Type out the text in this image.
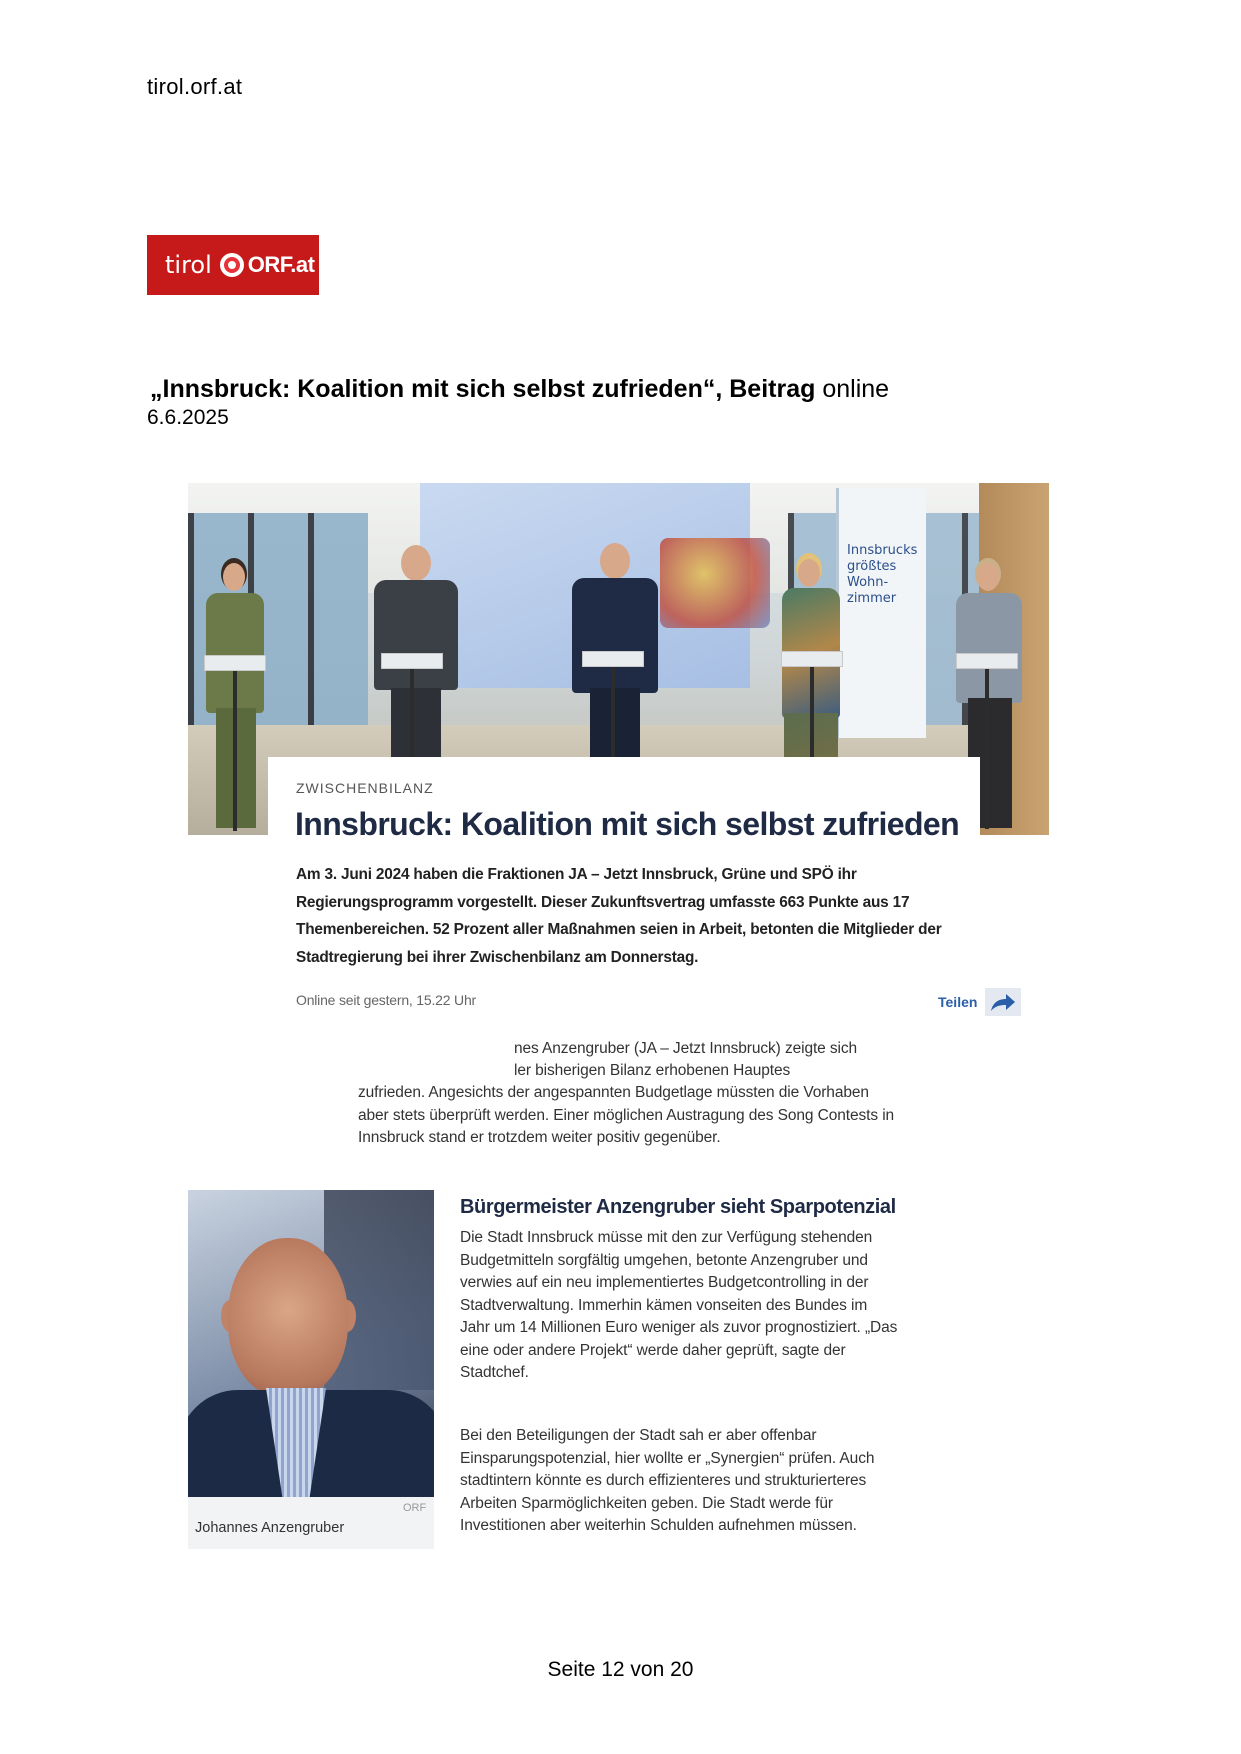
tirol.orf.at
tirol ORF.at
„Innsbruck: Koalition mit sich selbst zufrieden“, Beitrag online
6.6.2025
Innsbrucks größtes Wohn-zimmer
ZWISCHENBILANZ
Innsbruck: Koalition mit sich selbst zufrieden
Am 3. Juni 2024 haben die Fraktionen JA – Jetzt Innsbruck, Grüne und SPÖ ihr Regierungsprogramm vorgestellt. Dieser Zukunftsvertrag umfasste 663 Punkte aus 17 Themenbereichen. 52 Prozent aller Maßnahmen seien in Arbeit, betonten die Mitglieder der Stadtregierung bei ihrer Zwischenbilanz am Donnerstag.
Online seit gestern, 15.22 Uhr	Teilen
nes Anzengruber (JA – Jetzt Innsbruck) zeigte sich
ler bisherigen Bilanz erhobenen Hauptes
zufrieden. Angesichts der angespannten Budgetlage müssten die Vorhaben aber stets überprüft werden. Einer möglichen Austragung des Song Contests in Innsbruck stand er trotzdem weiter positiv gegenüber.
ORF
Johannes Anzengruber
Bürgermeister Anzengruber sieht Sparpotenzial
Die Stadt Innsbruck müsse mit den zur Verfügung stehenden Budgetmitteln sorgfältig umgehen, betonte Anzengruber und verwies auf ein neu implementiertes Budgetcontrolling in der Stadtverwaltung. Immerhin kämen vonseiten des Bundes im Jahr um 14 Millionen Euro weniger als zuvor prognostiziert. „Das eine oder andere Projekt“ werde daher geprüft, sagte der Stadtchef.
Bei den Beteiligungen der Stadt sah er aber offenbar Einsparungspotenzial, hier wollte er „Synergien“ prüfen. Auch stadtintern könnte es durch effizienteres und strukturierteres Arbeiten Sparmöglichkeiten geben. Die Stadt werde für Investitionen aber weiterhin Schulden aufnehmen müssen.
Seite 12 von 20
